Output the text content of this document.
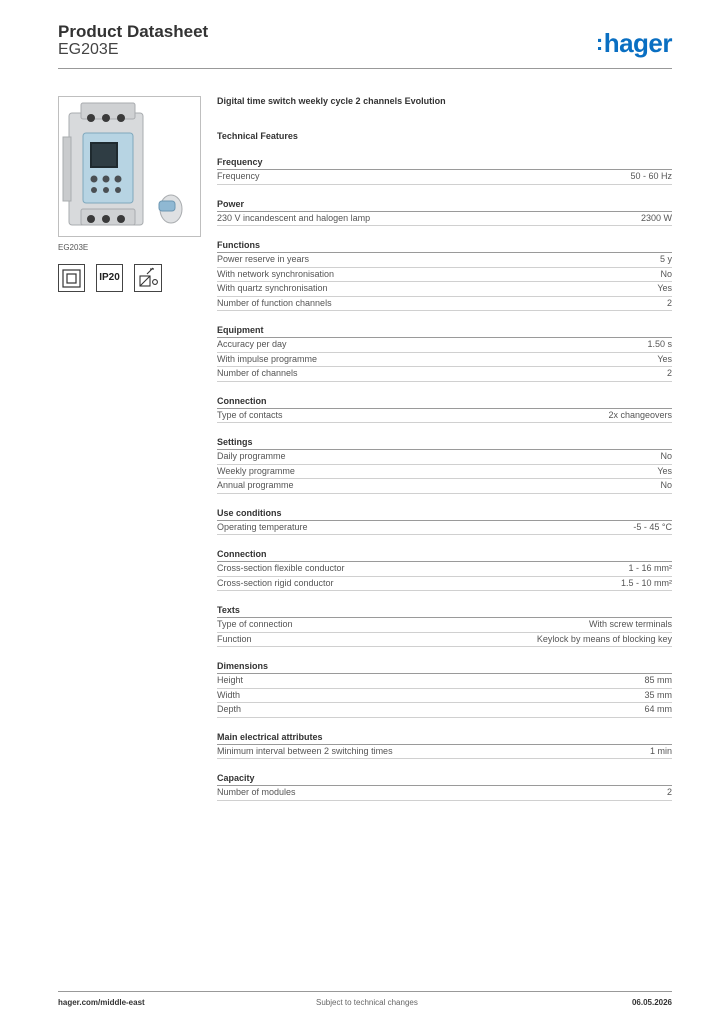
Product Datasheet
EG203E	:hager
EG203E
IP20
Digital time switch weekly cycle 2 channels Evolution
Technical Features
Frequency
Frequency	50 - 60 Hz
Power
230 V incandescent and halogen lamp	2300 W
Functions
Power reserve in years	5 y
With network synchronisation	No
With quartz synchronisation	Yes
Number of function channels	2
Equipment
Accuracy per day	1.50 s
With impulse programme	Yes
Number of channels	2
Connection
Type of contacts	2x changeovers
Settings
Daily programme	No
Weekly programme	Yes
Annual programme	No
Use conditions
Operating temperature	-5 - 45 °C
Connection
Cross-section flexible conductor	1 - 16 mm²
Cross-section rigid conductor	1.5 - 10 mm²
Texts
Type of connection	With screw terminals
Function	Keylock by means of blocking key
Dimensions
Height	85 mm
Width	35 mm
Depth	64 mm
Main electrical attributes
Minimum interval between 2 switching times	1 min
Capacity
Number of modules	2
hager.com/middle-east	Subject to technical changes	06.05.2026
